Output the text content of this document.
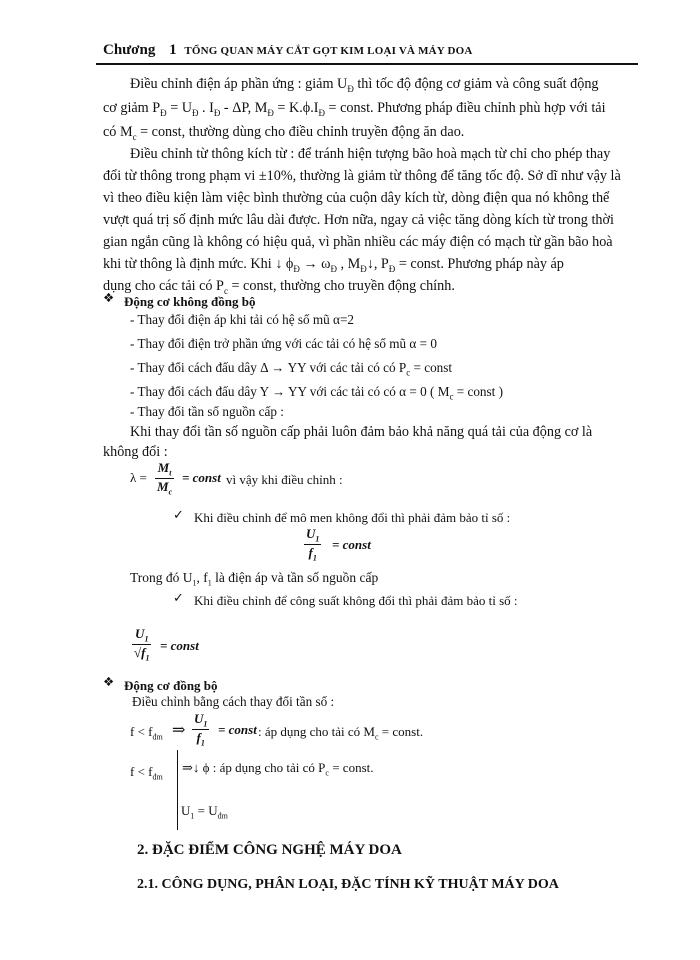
Chương 1 TỔNG QUAN MÁY CẮT GỌT KIM LOẠI VÀ MÁY DOA
Điều chỉnh điện áp phần ứng : giảm $U_Đ$ thì tốc độ động cơ giảm và công suất động
cơ giảm $P_Đ = U_Đ$ . $I_Đ$ - ΔP, $M_Đ = K.\phi.I_Đ$ = const. Phương pháp điều chỉnh phù hợp với tải
có $M_c$ = const, thường dùng cho điều chỉnh truyền động ăn dao.
Điều chỉnh từ thông kích từ : để tránh hiện tượng bão hoà mạch từ chỉ cho phép thay
đổi từ thông trong phạm vi ±10%, thường là giảm từ thông để tăng tốc độ. Sở dĩ như vậy là
vì theo điều kiện làm việc bình thường của cuộn dây kích từ, dòng điện qua nó không thể
vượt quá trị số định mức lâu dài được. Hơn nữa, ngay cả việc tăng dòng kích từ trong thời
gian ngắn cũng là không có hiệu quả, vì phần nhiều các máy điện có mạch từ gần bão hoà
khi từ thông là định mức. Khi ↓ $\phi_Đ \to \omega_Đ$ , $M_Đ↓$, $P_Đ$ = const. Phương pháp này áp
dụng cho các tải có $P_c$ = const, thường cho truyền động chính.
❖ Động cơ không đồng bộ
- Thay đổi điện áp khi tải có hệ số mũ α=2
- Thay đổi điện trở phần ứng với các tải có hệ số mũ α = 0
- Thay đổi cách đấu dây Δ → YY với các tải có có $P_c$ = const
- Thay đổi cách đấu dây Y → YY với các tải có có α = 0 ( $M_c$ = const )
- Thay đổi tần số nguồn cấp :
Khi thay đổi tần số nguồn cấp phải luôn đảm bảo khả năng quá tải của động cơ là
không đổi :
λ =
$M_t$
$M_c$
= const vì vậy khi điều chỉnh :
✓ Khi điều chỉnh để mô men không đổi thì phải đảm bảo tỉ số :
$U_1$
$f_1$
= const
Trong đó $U_1$, $f_1$ là điện áp và tần số nguồn cấp
✓ Khi điều chỉnh để công suất không đổi thì phải đảm bảo tỉ số :
$U_1$
$√f_1$
= const
❖ Động cơ đồng bộ
Điều chỉnh bằng cách thay đổi tần số :
$f < f_{đm}$ ⇒
$U_1$
$f_1$
= const : áp dụng cho tải có $M_c$ = const.
$f < f_{đm}$
⇒↓ ϕ : áp dụng cho tải có $P_c$ = const.
$U_1 = U_{đm}$
2. ĐẶC ĐIỂM CÔNG NGHỆ MÁY DOA
2.1. CÔNG DỤNG, PHÂN LOẠI, ĐẶC TÍNH KỸ THUẬT MÁY DOA
